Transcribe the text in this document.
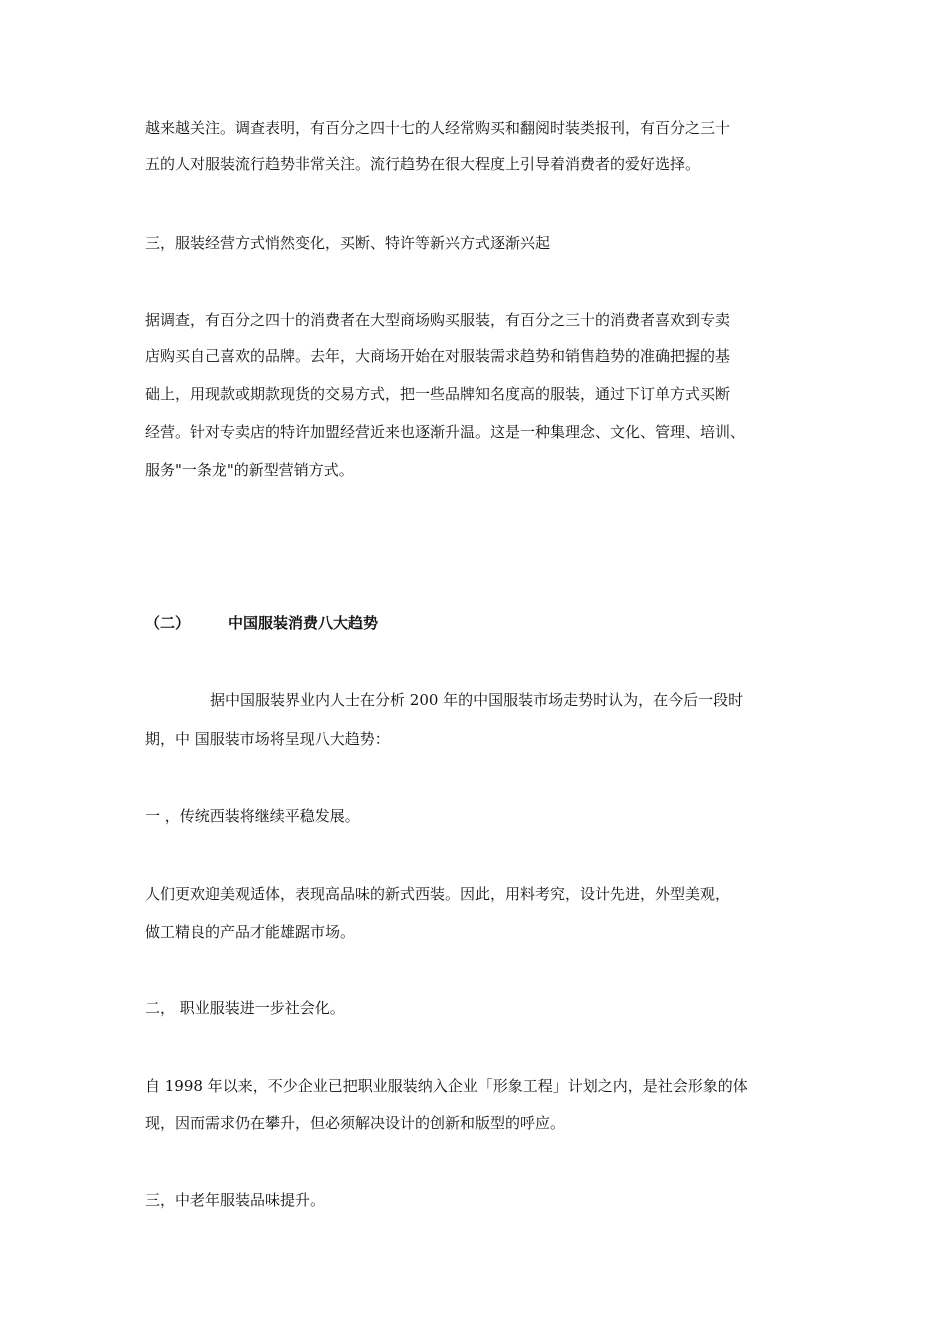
越来越关注。调查表明，有百分之四十七的人经常购买和翻阅时装类报刊，有百分之三十
五的人对服装流行趋势非常关注。流行趋势在很大程度上引导着消费者的爱好选择。
三，服装经营方式悄然变化，买断、特许等新兴方式逐渐兴起
据调查，有百分之四十的消费者在大型商场购买服装，有百分之三十的消费者喜欢到专卖
店购买自己喜欢的品牌。去年，大商场开始在对服装需求趋势和销售趋势的准确把握的基
础上，用现款或期款现货的交易方式，把一些品牌知名度高的服装，通过下订单方式买断
经营。针对专卖店的特许加盟经营近来也逐渐升温。这是一种集理念、文化、管理、培训、
服务"一条龙"的新型营销方式。
（二）	中国服装消费八大趋势
据中国服装界业内人士在分析 200 年的中国服装市场走势时认为，在今后一段时
期，中 国服装市场将呈现八大趋势：
一 ，传统西装将继续平稳发展。
人们更欢迎美观适体，表现高品味的新式西装。因此，用料考究，设计先进，外型美观，
做工精良的产品才能雄踞市场。
二， 职业服装进一步社会化。
自 1998 年以来，不少企业已把职业服装纳入企业「形象工程」计划之内，是社会形象的体
现，因而需求仍在攀升，但必须解决设计的创新和版型的呼应。
三，中老年服装品味提升。
